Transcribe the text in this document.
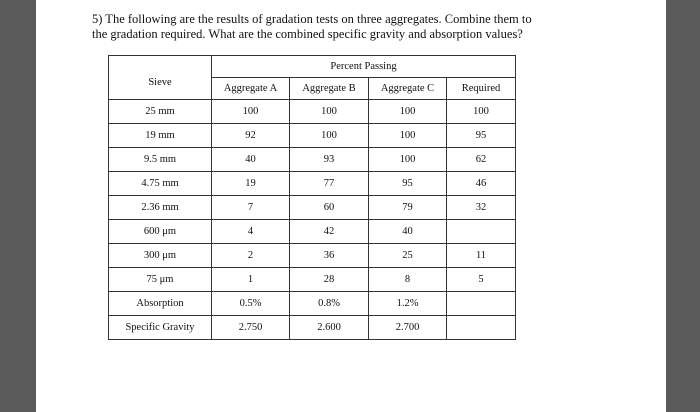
5) The following are the results of gradation tests on three aggregates. Combine them to
the gradation required. What are the combined specific gravity and absorption values?
Sieve	Percent Passing			
	Aggregate A	Aggregate B	Aggregate C	Required
25 mm	100	100	100	100
19 mm	92	100	100	95
9.5 mm	40	93	100	62
4.75 mm	19	77	95	46
2.36 mm	7	60	79	32
600 μm	4	42	40	
300 μm	2	36	25	11
75 μm	1	28	8	5
Absorption	0.5%	0.8%	1.2%	
Specific Gravity	2.750	2.600	2.700	
